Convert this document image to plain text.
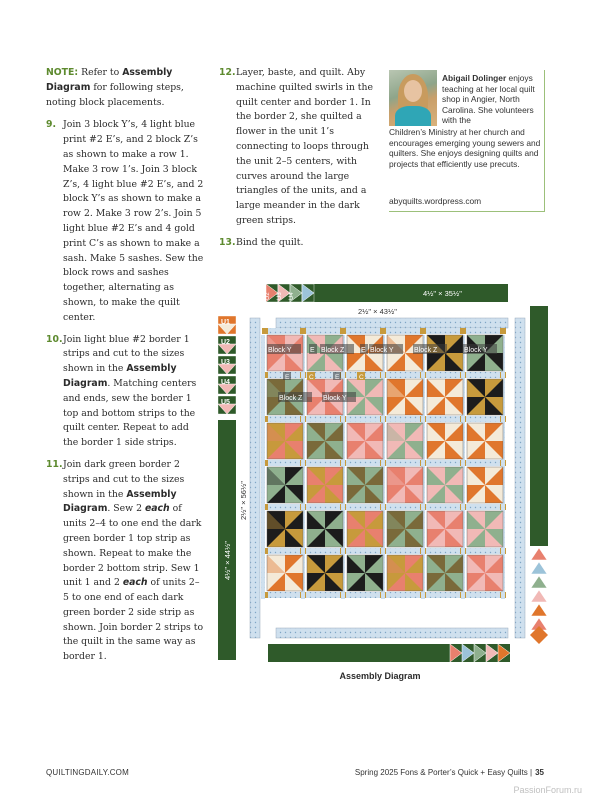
NOTE: Refer to Assembly Diagram for following steps, noting block placements.

9. Join 3 block Y’s, 4 light blue print #2 E’s, and 2 block Z’s as shown to make a row 1. Make 3 row 1’s. Join 3 block Z’s, 4 light blue #2 E’s, and 2 block Y’s as shown to make a row 2. Make 3 row 2’s. Join 5 light blue #2 E’s and 4 gold print C’s as shown to make a sash. Make 5 sashes. Sew the block rows and sashes together, alternating as shown, to make the quilt center.
10. Join light blue #2 border 1 strips and cut to the sizes shown in the Assembly Diagram. Matching centers and ends, sew the border 1 top and bottom strips to the quilt center. Repeat to add the border 1 side strips.
11. Join dark green border 2 strips and cut to the sizes shown in the Assembly Diagram. Sew 2 each of units 2–4 to one end the dark green border 1 top strip as shown. Repeat to make the border 2 bottom strip. Sew 1 unit 1 and 2 each of units 2–5 to one end of each dark green border 2 side strip as shown. Join border 2 strips to the quilt in the same way as border 1.
12. Layer, baste, and quilt. Aby machine quilted swirls in the quilt center and border 1. In the border 2, she quilted a flower in the unit 1’s connecting to loops through the unit 2–5 centers, with curves around the large triangles of the units, and a large meander in the dark green strips.
13. Bind the quilt.
Abigail Dolinger enjoys teaching at her local quilt shop in Angier, North Carolina. She volunteers with the
Children’s Ministry at her church and encourages emerging young sewers and quilters. She enjoys designing quilts and projects that efficiently use precuts.
abyquilts.wordpress.com
U1
U2
U3
U4
U5
U2 U3 U4	4½" × 35½"
2½" × 43½"
2½" × 56½"
4½" × 44½"
Block Y	E Block Z E Block Y	Block Z	Block Y
E	C	E	C
Block Z	Block Y
Assembly Diagram
QUILTINGDAILY.COM	Spring 2025 Fons & Porter’s Quick + Easy Quilts | 35
PassionForum.ru
